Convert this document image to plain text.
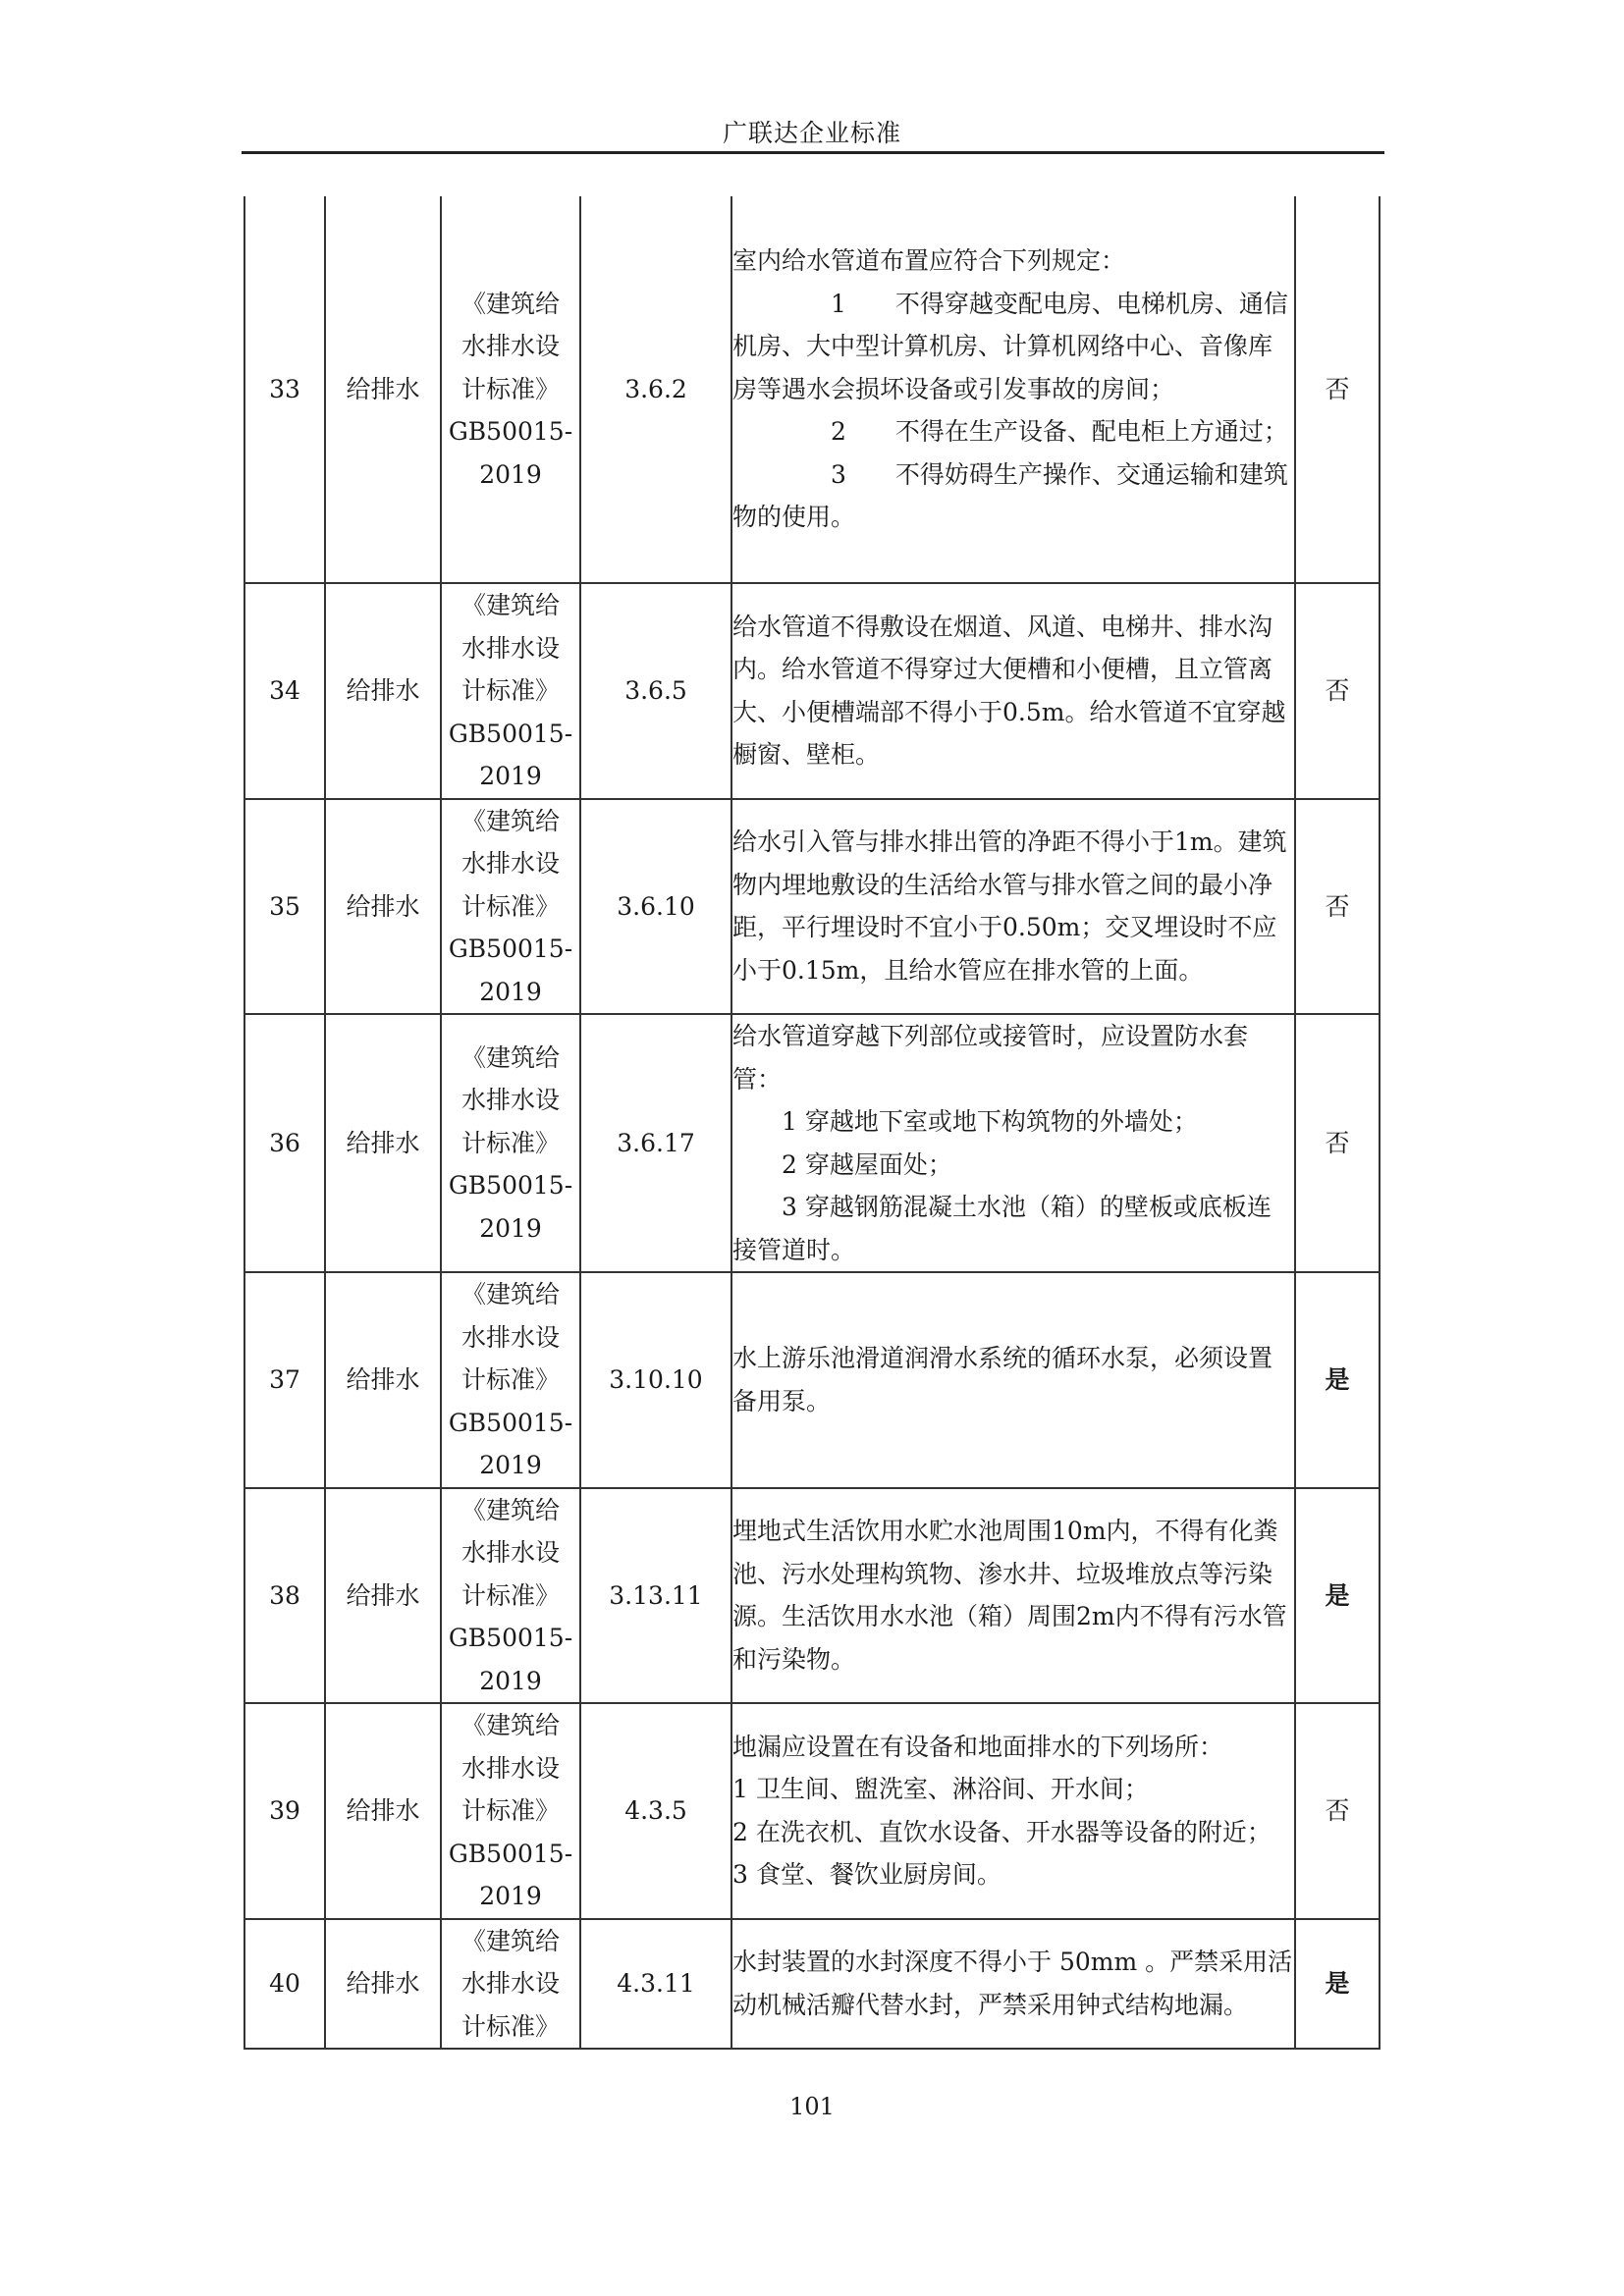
广联达企业标准
33	给排水	《建筑给
水排水设
计标准》
GB50015-
2019	3.6.2	室内给水管道布置应符合下列规定：
　　　　1　　不得穿越变配电房、电梯机房、通信机房、大中型计算机房、计算机网络中心、音像库房等遇水会损坏设备或引发事故的房间；
　　　　2　　不得在生产设备、配电柜上方通过；
　　　　3　　不得妨碍生产操作、交通运输和建筑物的使用。	否
34	给排水	《建筑给
水排水设
计标准》
GB50015-
2019	3.6.5	给水管道不得敷设在烟道、风道、电梯井、排水沟内。给水管道不得穿过大便槽和小便槽，且立管离大、小便槽端部不得小于0.5m。给水管道不宜穿越橱窗、壁柜。	否
35	给排水	《建筑给
水排水设
计标准》
GB50015-
2019	3.6.10	给水引入管与排水排出管的净距不得小于1m。建筑物内埋地敷设的生活给水管与排水管之间的最小净距，平行埋设时不宜小于0.50m；交叉埋设时不应小于0.15m，且给水管应在排水管的上面。	否
36	给排水	《建筑给
水排水设
计标准》
GB50015-
2019	3.6.17	给水管道穿越下列部位或接管时，应设置防水套管：
　　1 穿越地下室或地下构筑物的外墙处；
　　2 穿越屋面处；
　　3 穿越钢筋混凝土水池（箱）的壁板或底板连接管道时。	否
37	给排水	《建筑给
水排水设
计标准》
GB50015-
2019	3.10.10	水上游乐池滑道润滑水系统的循环水泵，必须设置备用泵。	是
38	给排水	《建筑给
水排水设
计标准》
GB50015-
2019	3.13.11	埋地式生活饮用水贮水池周围10m内，不得有化粪池、污水处理构筑物、渗水井、垃圾堆放点等污染源。生活饮用水水池（箱）周围2m内不得有污水管和污染物。	是
39	给排水	《建筑给
水排水设
计标准》
GB50015-
2019	4.3.5	地漏应设置在有设备和地面排水的下列场所：
1 卫生间、盥洗室、淋浴间、开水间；
2 在洗衣机、直饮水设备、开水器等设备的附近；
3 食堂、餐饮业厨房间。	否
40	给排水	《建筑给
水排水设
计标准》	4.3.11	水封装置的水封深度不得小于 50mm 。严禁采用活动机械活瓣代替水封，严禁采用钟式结构地漏。	是
101
